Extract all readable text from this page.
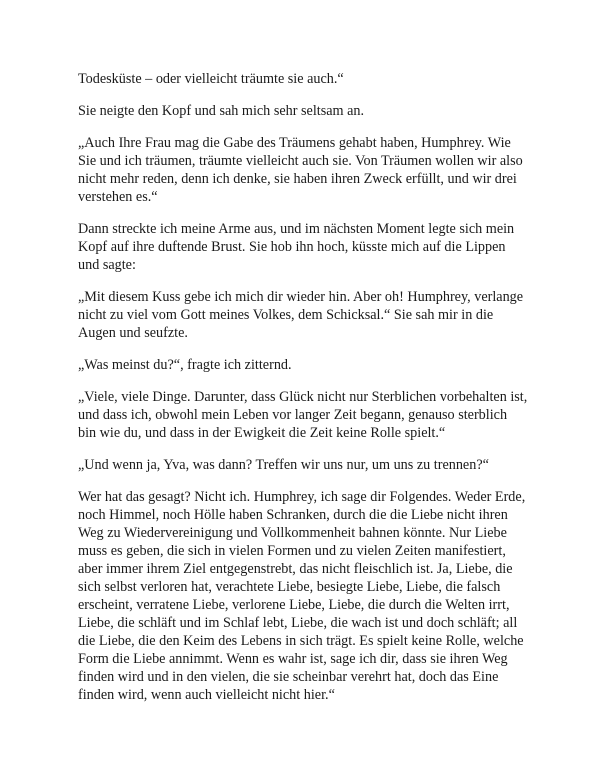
Todesküste – oder vielleicht träumte sie auch.“

Sie neigte den Kopf und sah mich sehr seltsam an.

„Auch Ihre Frau mag die Gabe des Träumens gehabt haben, Humphrey. Wie Sie und ich träumen, träumte vielleicht auch sie. Von Träumen wollen wir also nicht mehr reden, denn ich denke, sie haben ihren Zweck erfüllt, und wir drei verstehen es.“

Dann streckte ich meine Arme aus, und im nächsten Moment legte sich mein Kopf auf ihre duftende Brust. Sie hob ihn hoch, küsste mich auf die Lippen und sagte:

„Mit diesem Kuss gebe ich mich dir wieder hin. Aber oh! Humphrey, verlange nicht zu viel vom Gott meines Volkes, dem Schicksal.“ Sie sah mir in die Augen und seufzte.

„Was meinst du?“, fragte ich zitternd.

„Viele, viele Dinge. Darunter, dass Glück nicht nur Sterblichen vorbehalten ist, und dass ich, obwohl mein Leben vor langer Zeit begann, genauso sterblich bin wie du, und dass in der Ewigkeit die Zeit keine Rolle spielt.“

„Und wenn ja, Yva, was dann? Treffen wir uns nur, um uns zu trennen?“

Wer hat das gesagt? Nicht ich. Humphrey, ich sage dir Folgendes. Weder Erde, noch Himmel, noch Hölle haben Schranken, durch die die Liebe nicht ihren Weg zu Wiedervereinigung und Vollkommenheit bahnen könnte. Nur Liebe muss es geben, die sich in vielen Formen und zu vielen Zeiten manifestiert, aber immer ihrem Ziel entgegenstrebt, das nicht fleischlich ist. Ja, Liebe, die sich selbst verloren hat, verachtete Liebe, besiegte Liebe, Liebe, die falsch erscheint, verratene Liebe, verlorene Liebe, Liebe, die durch die Welten irrt, Liebe, die schläft und im Schlaf lebt, Liebe, die wach ist und doch schläft; all die Liebe, die den Keim des Lebens in sich trägt. Es spielt keine Rolle, welche Form die Liebe annimmt. Wenn es wahr ist, sage ich dir, dass sie ihren Weg finden wird und in den vielen, die sie scheinbar verehrt hat, doch das Eine finden wird, wenn auch vielleicht nicht hier.“
